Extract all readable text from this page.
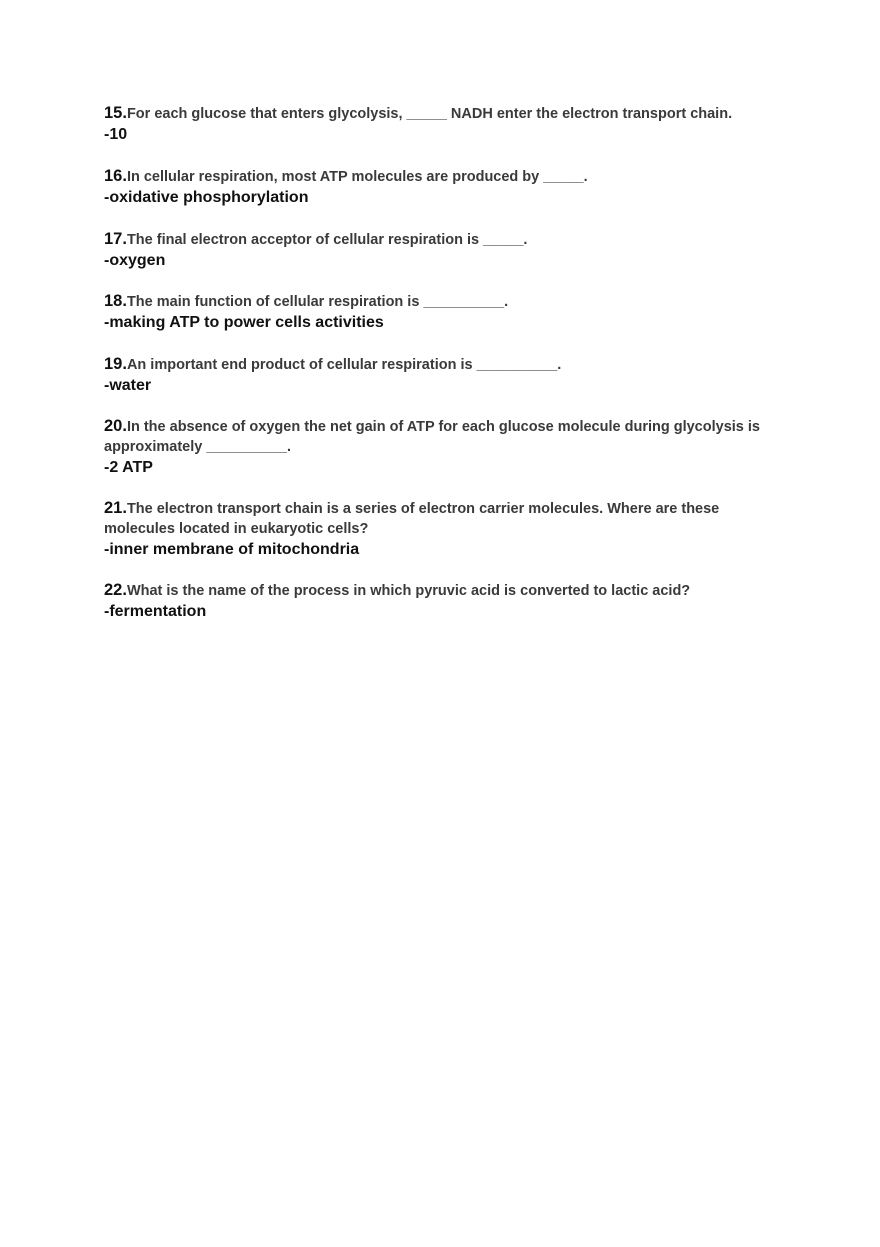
15.For each glucose that enters glycolysis, _____ NADH enter the electron transport chain.

-10

16.In cellular respiration, most ATP molecules are produced by _____.

-oxidative phosphorylation

17.The final electron acceptor of cellular respiration is _____.

-oxygen

18.The main function of cellular respiration is __________.

-making ATP to power cells activities

19.An important end product of cellular respiration is __________.

-water

20.In the absence of oxygen the net gain of ATP for each glucose molecule during glycolysis is approximately __________.

-2 ATP

21.The electron transport chain is a series of electron carrier molecules. Where are these molecules located in eukaryotic cells?

-inner membrane of mitochondria

22.What is the name of the process in which pyruvic acid is converted to lactic acid?

-fermentation
